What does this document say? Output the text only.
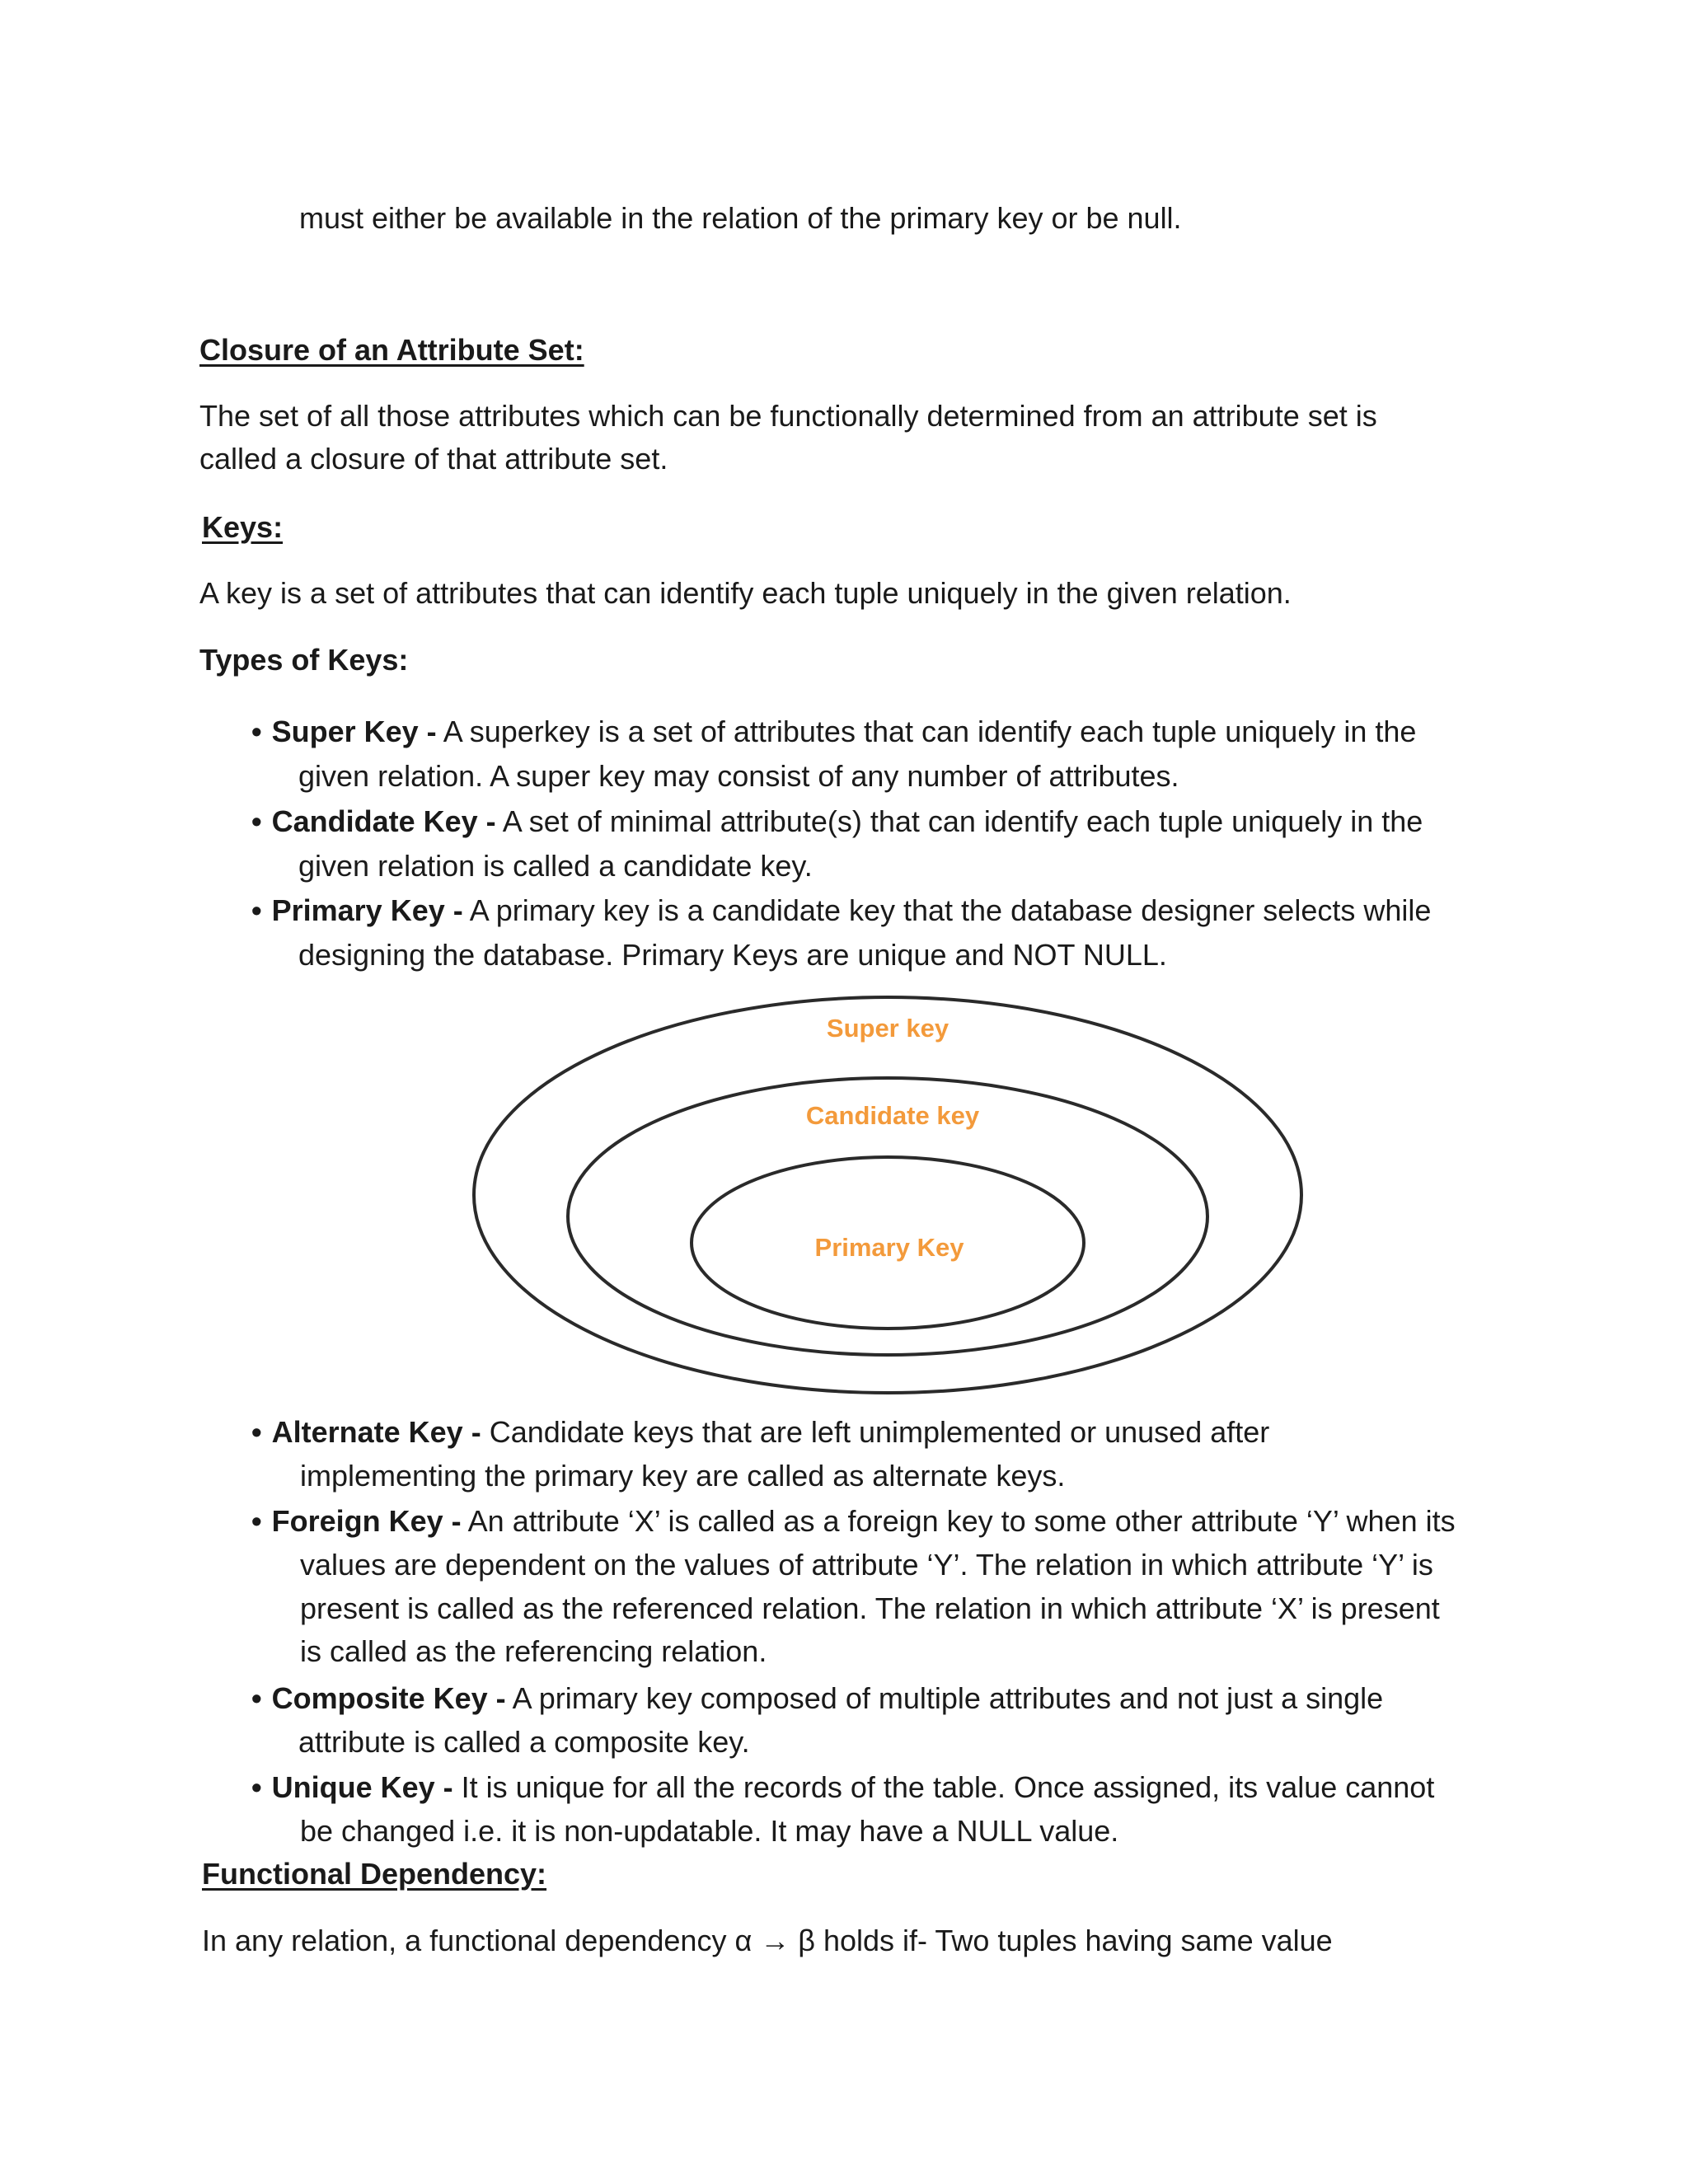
must either be available in the relation of the primary key or be null.
Closure of an Attribute Set:
The set of all those attributes which can be functionally determined from an attribute set is
called a closure of that attribute set.
Keys:
A key is a set of attributes that can identify each tuple uniquely in the given relation.
Types of Keys:
• Super Key - A superkey is a set of attributes that can identify each tuple uniquely in the
given relation. A super key may consist of any number of attributes.
• Candidate Key - A set of minimal attribute(s) that can identify each tuple uniquely in the
given relation is called a candidate key.
• Primary Key - A primary key is a candidate key that the database designer selects while
designing the database. Primary Keys are unique and NOT NULL.
Super key
Candidate key
Primary Key
• Alternate Key - Candidate keys that are left unimplemented or unused after
implementing the primary key are called as alternate keys.
• Foreign Key - An attribute ‘X’ is called as a foreign key to some other attribute ‘Y’ when its
values are dependent on the values of attribute ‘Y’. The relation in which attribute ‘Y’ is
present is called as the referenced relation. The relation in which attribute ‘X’ is present
is called as the referencing relation.
• Composite Key - A primary key composed of multiple attributes and not just a single
attribute is called a composite key.
• Unique Key - It is unique for all the records of the table. Once assigned, its value cannot
be changed i.e. it is non-updatable. It may have a NULL value.
Functional Dependency:
In any relation, a functional dependency α → β holds if- Two tuples having same value
